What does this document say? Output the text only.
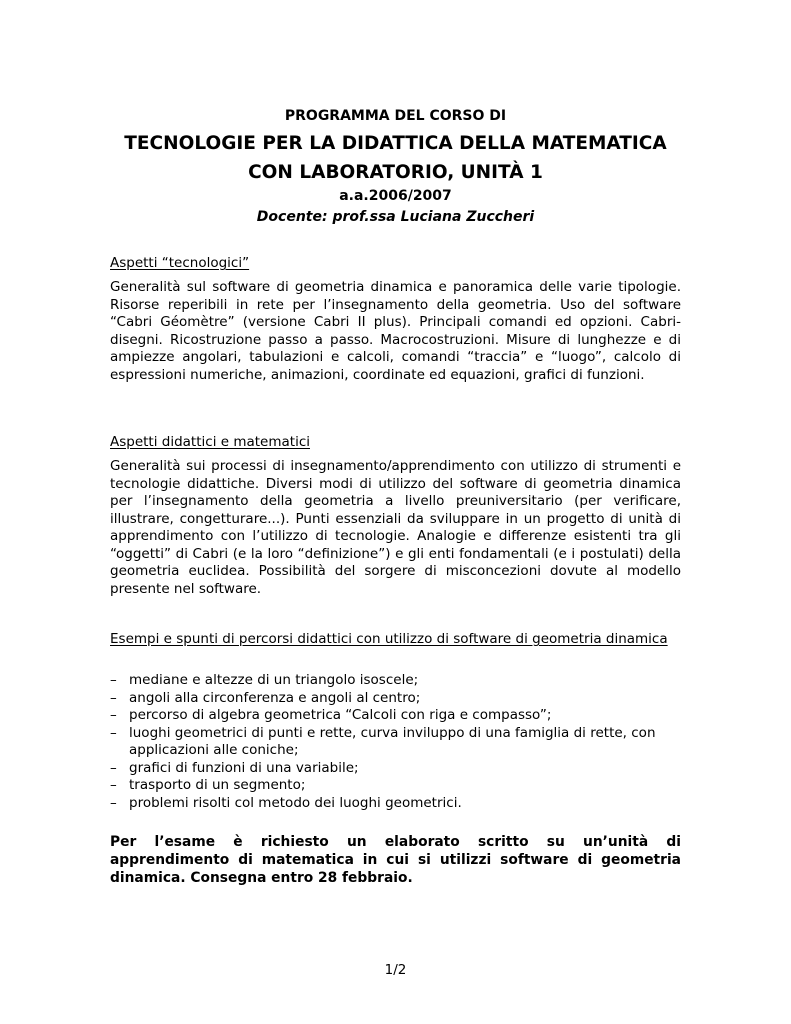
PROGRAMMA DEL CORSO DI
TECNOLOGIE PER LA DIDATTICA DELLA MATEMATICA
CON LABORATORIO, UNITÀ 1
a.a.2006/2007
Docente: prof.ssa Luciana Zuccheri
Aspetti “tecnologici”
Generalità sul software di geometria dinamica e panoramica delle varie tipologie. Risorse reperibili in rete per l’insegnamento della geometria. Uso del software “Cabri Géomètre” (versione Cabri II plus). Principali comandi ed opzioni. Cabri-disegni. Ricostruzione passo a passo. Macrocostruzioni. Misure di lunghezze e di ampiezze angolari, tabulazioni e calcoli, comandi “traccia” e “luogo”, calcolo di espressioni numeriche, animazioni, coordinate ed equazioni, grafici di funzioni.
Aspetti didattici e matematici
Generalità sui processi di insegnamento/apprendimento con utilizzo di strumenti e tecnologie didattiche. Diversi modi di utilizzo del software di geometria dinamica per l’insegnamento della geometria a livello preuniversitario (per verificare, illustrare, congetturare...). Punti essenziali da sviluppare in un progetto di unità di apprendimento con l’utilizzo di tecnologie. Analogie e differenze esistenti tra gli “oggetti” di Cabri (e la loro “definizione”) e gli enti fondamentali (e i postulati) della geometria euclidea. Possibilità del sorgere di misconcezioni dovute al modello presente nel software.
Esempi e spunti di percorsi didattici con utilizzo di software di geometria dinamica
– mediane e altezze di un triangolo isoscele;
– angoli alla circonferenza e angoli al centro;
– percorso di algebra geometrica “Calcoli con riga e compasso”;
– luoghi geometrici di punti e rette, curva inviluppo di una famiglia di rette, con applicazioni alle coniche;
– grafici di funzioni di una variabile;
– trasporto di un segmento;
– problemi risolti col metodo dei luoghi geometrici.
Per l’esame è richiesto un elaborato scritto su un’unità di apprendimento di matematica in cui si utilizzi software di geometria dinamica. Consegna entro 28 febbraio.
1/2
